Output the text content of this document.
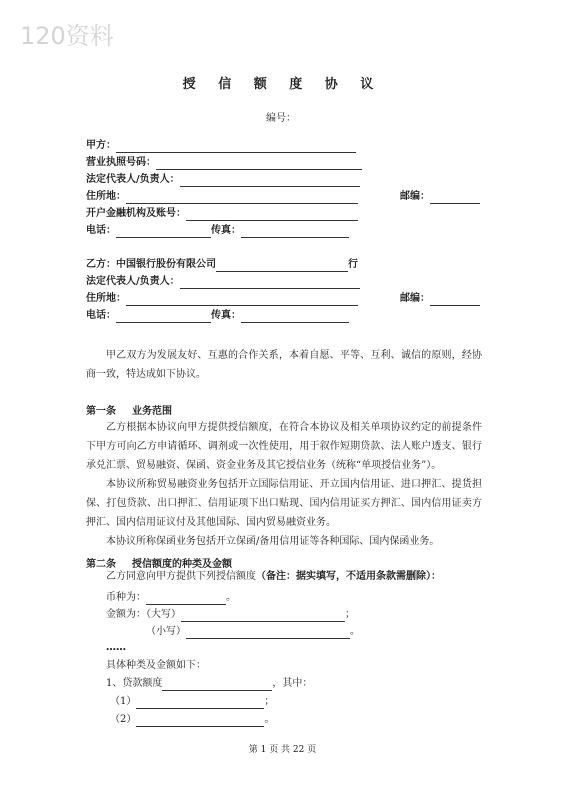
120资料
授 信 额 度 协 议
编号：
甲方：
营业执照号码：
法定代表人/负责人：
住所地：	邮编：
开户金融机构及账号：
电话：	传真：
乙方：中国银行股份有限公司	行
法定代表人/负责人：
住所地：	邮编：
电话：	传真：

甲乙双方为发展友好、互惠的合作关系，本着自愿、平等、互利、诚信的原则，经协商一致，特达成如下协议。

第一条 业务范围

乙方根据本协议向甲方提供授信额度，在符合本协议及相关单项协议约定的前提条件下甲方可向乙方申请循环、调剂或一次性使用，用于叙作短期贷款、法人账户透支、银行承兑汇票、贸易融资、保函、资金业务及其它授信业务（统称“单项授信业务”）。

本协议所称贸易融资业务包括开立国际信用证、开立国内信用证、进口押汇、提货担保、打包贷款、出口押汇、信用证项下出口贴现、国内信用证买方押汇、国内信用证卖方押汇、国内信用证议付及其他国际、国内贸易融资业务。

本协议所称保函业务包括开立保函/备用信用证等各种国际、国内保函业务。

第二条 授信额度的种类及金额
乙方同意向甲方提供下列授信额度（备注：据实填写，不适用条款需删除）：
币种为：	。
金额为：（大写）	；
（小写）	。
……
具体种类及金额如下：
1、贷款额度	，其中：
（1）	；
（2）	。
第 1 页 共 22 页
